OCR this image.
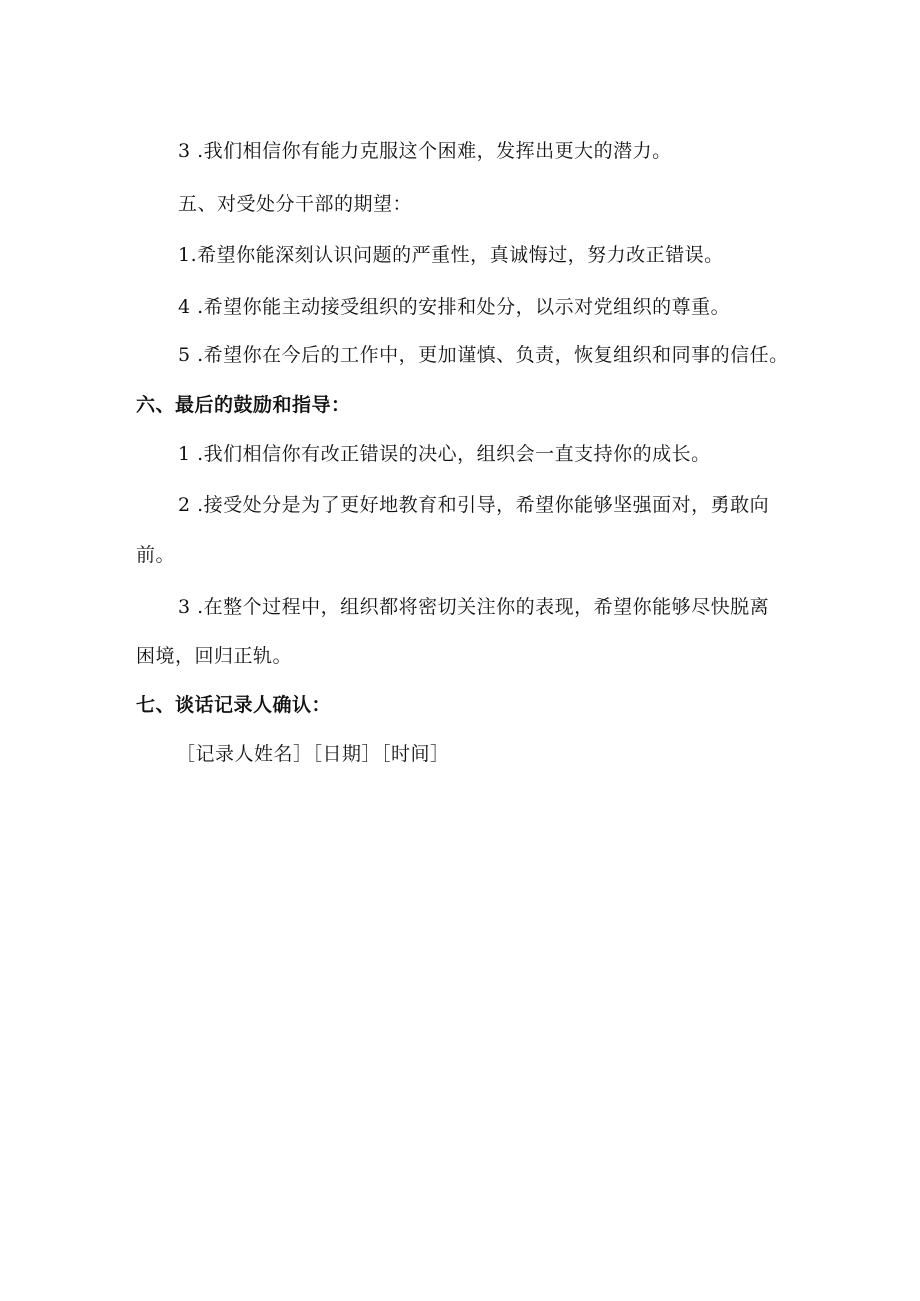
3 .我们相信你有能力克服这个困难，发挥出更大的潜力。
五、对受处分干部的期望：
1.希望你能深刻认识问题的严重性，真诚悔过，努力改正错误。
4 .希望你能主动接受组织的安排和处分，以示对党组织的尊重。
5 .希望你在今后的工作中，更加谨慎、负责，恢复组织和同事的信任。
六、最后的鼓励和指导：
1 .我们相信你有改正错误的决心，组织会一直支持你的成长。
2 .接受处分是为了更好地教育和引导，希望你能够坚强面对，勇敢向
前。
3 .在整个过程中，组织都将密切关注你的表现，希望你能够尽快脱离
困境，回归正轨。
七、谈话记录人确认：
［记录人姓名］［日期］［时间］
